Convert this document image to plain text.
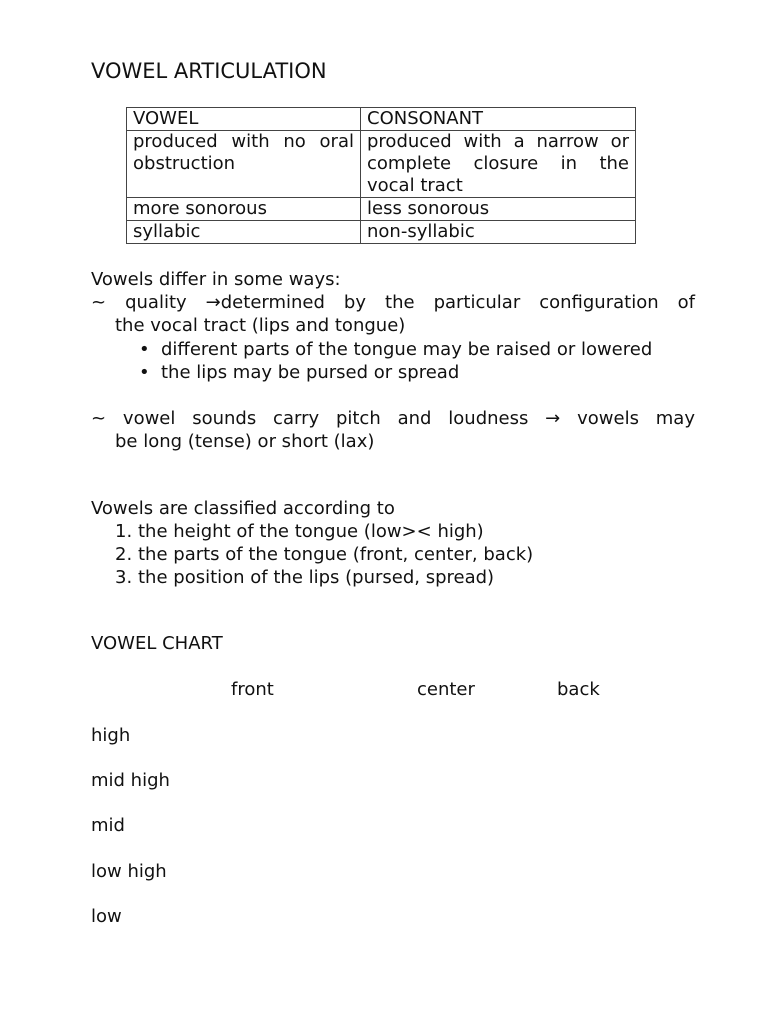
VOWEL ARTICULATION
VOWEL	CONSONANT
produced with no oral obstruction	produced with a narrow or complete closure in the vocal tract
more sonorous	less sonorous
syllabic	non-syllabic

Vowels differ in some ways:

~ quality →determined by the particular configuration of
the vocal tract (lips and tongue)

• different parts of the tongue may be raised or lowered
• the lips may be pursed or spread

~ vowel sounds carry pitch and loudness → vowels may
be long (tense) or short (lax)

Vowels are classified according to

1. the height of the tongue (low>< high)
2. the parts of the tongue (front, center, back)
3. the position of the lips (pursed, spread)
VOWEL CHART
front	center	back
high
mid high
mid
low high
low
